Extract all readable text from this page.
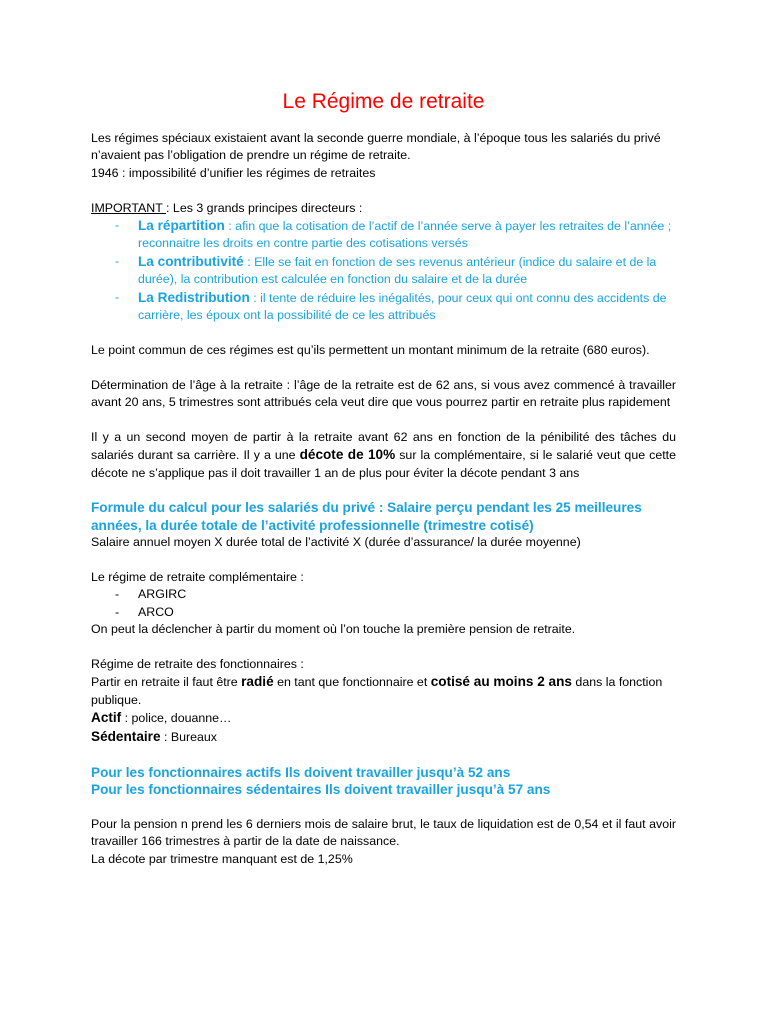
Le Régime de retraite

Les régimes spéciaux existaient avant la seconde guerre mondiale, à l’époque tous les salariés du privé n’avaient pas l’obligation de prendre un régime de retraite.
1946 : impossibilité d’unifier les régimes de retraites

IMPORTANT : Les 3 grands principes directeurs :

- La répartition : afin que la cotisation de l’actif de l’année serve à payer les retraites de l’année ; reconnaitre les droits en contre partie des cotisations versés
- La contributivité : Elle se fait en fonction de ses revenus antérieur (indice du salaire et de la durée), la contribution est calculée en fonction du salaire et de la durée
- La Redistribution : il tente de réduire les inégalités, pour ceux qui ont connu des accidents de carrière, les époux ont la possibilité de ce les attribués

Le point commun de ces régimes est qu’ils permettent un montant minimum de la retraite (680 euros).

Détermination de l’âge à la retraite : l’âge de la retraite est de 62 ans, si vous avez commencé à travailler avant 20 ans, 5 trimestres sont attribués cela veut dire que vous pourrez partir en retraite plus rapidement

Il y a un second moyen de partir à la retraite avant 62 ans en fonction de la pénibilité des tâches du salariés durant sa carrière. Il y a une décote de 10% sur la complémentaire, si le salarié veut que cette décote ne s’applique pas il doit travailler 1 an de plus pour éviter la décote pendant 3 ans

Formule du calcul pour les salariés du privé : Salaire perçu pendant les 25 meilleures années, la durée totale de l’activité professionnelle (trimestre cotisé)

Salaire annuel moyen X durée total de l’activité X (durée d’assurance/ la durée moyenne)

Le régime de retraite complémentaire :

- ARGIRC
- ARCO

On peut la déclencher à partir du moment où l’on touche la première pension de retraite.

Régime de retraite des fonctionnaires :

Partir en retraite il faut être radié en tant que fonctionnaire et cotisé au moins 2 ans dans la fonction publique.

Actif : police, douanne…

Sédentaire : Bureaux

Pour les fonctionnaires actifs Ils doivent travailler jusqu’à 52 ans

Pour les fonctionnaires sédentaires Ils doivent travailler jusqu’à 57 ans

Pour la pension n prend les 6 derniers mois de salaire brut, le taux de liquidation est de 0,54 et il faut avoir travailler 166 trimestres à partir de la date de naissance.

La décote par trimestre manquant est de 1,25%
